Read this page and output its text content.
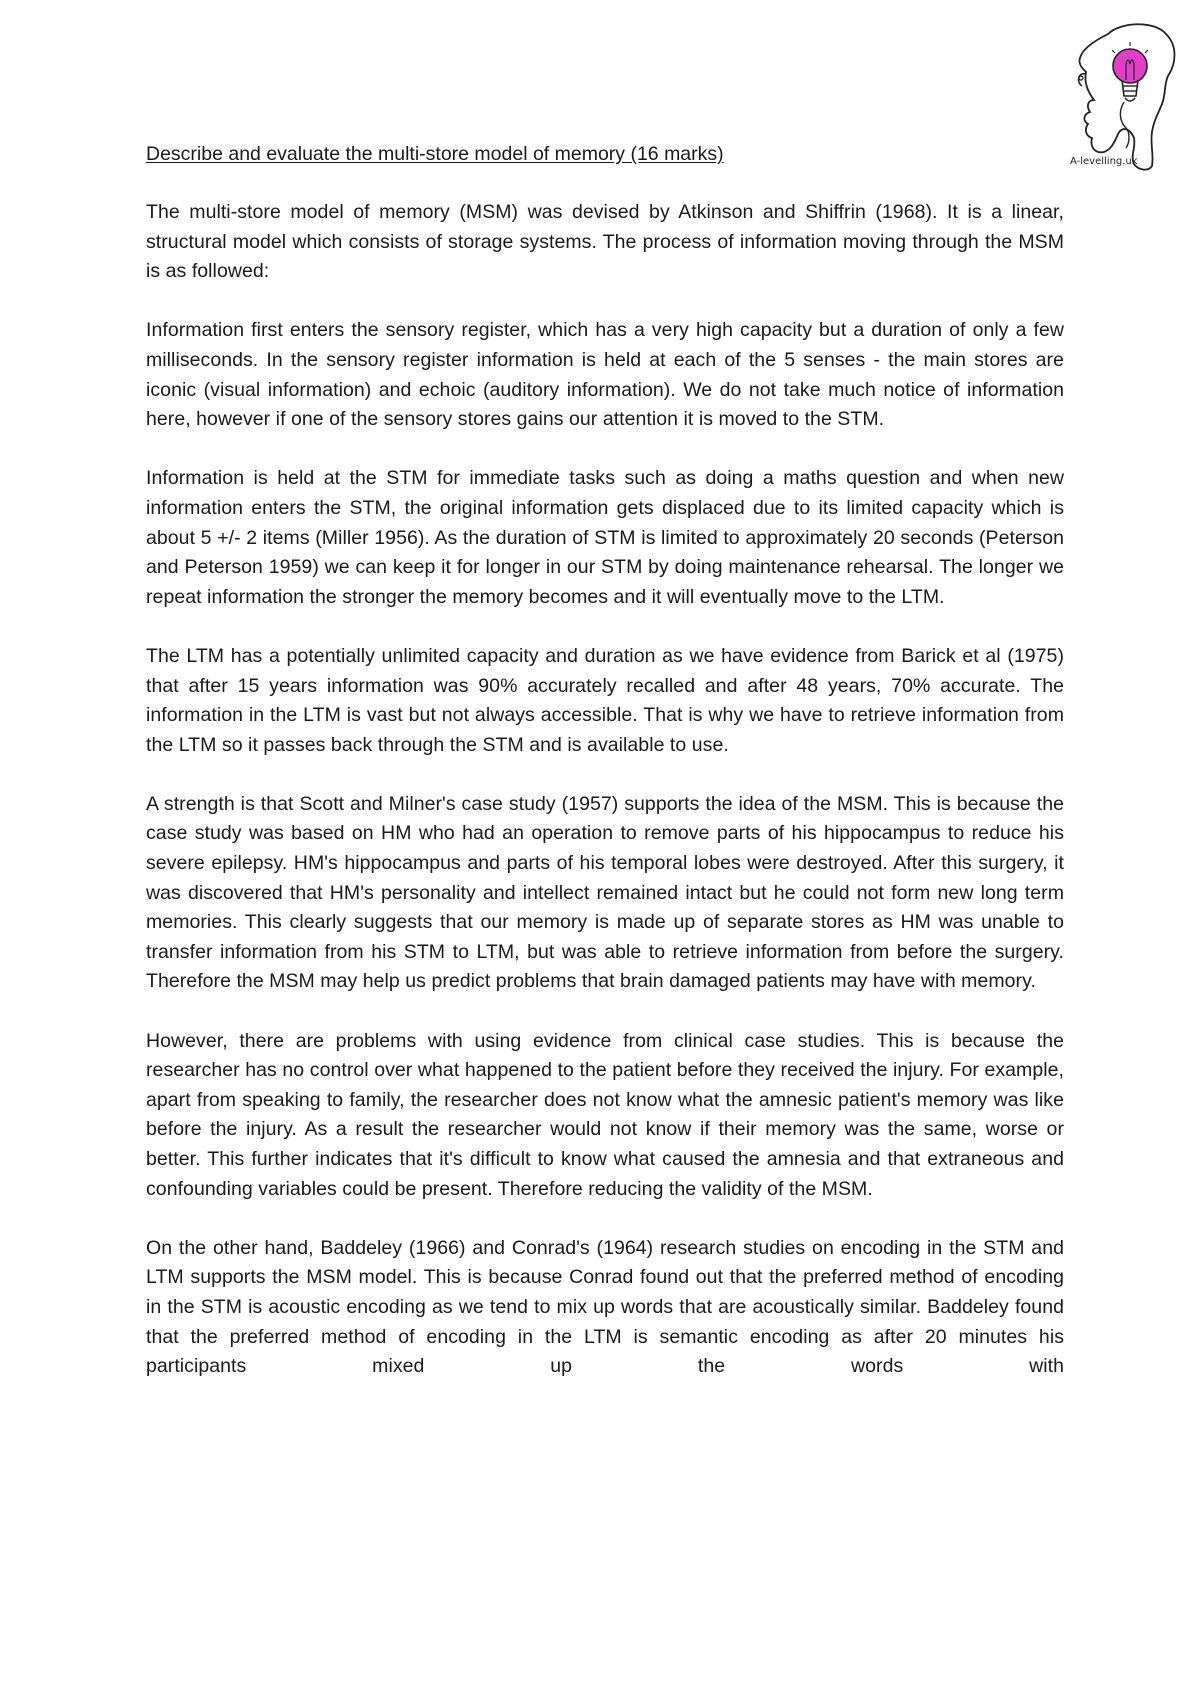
A-levelling.uk
Describe and evaluate the multi-store model of memory (16 marks)

The multi-store model of memory (MSM) was devised by Atkinson and Shiffrin (1968). It is a linear, structural model which consists of storage systems. The process of information moving through the MSM is as followed:

Information first enters the sensory register, which has a very high capacity but a duration of only a few milliseconds. In the sensory register information is held at each of the 5 senses - the main stores are iconic (visual information) and echoic (auditory information). We do not take much notice of information here, however if one of the sensory stores gains our attention it is moved to the STM.

Information is held at the STM for immediate tasks such as doing a maths question and when new information enters the STM, the original information gets displaced due to its limited capacity which is about 5 +/- 2 items (Miller 1956). As the duration of STM is limited to approximately 20 seconds (Peterson and Peterson 1959) we can keep it for longer in our STM by doing maintenance rehearsal. The longer we repeat information the stronger the memory becomes and it will eventually move to the LTM.

The LTM has a potentially unlimited capacity and duration as we have evidence from Barick et al (1975) that after 15 years information was 90% accurately recalled and after 48 years, 70% accurate. The information in the LTM is vast but not always accessible. That is why we have to retrieve information from the LTM so it passes back through the STM and is available to use.

A strength is that Scott and Milner's case study (1957) supports the idea of the MSM. This is because the case study was based on HM who had an operation to remove parts of his hippocampus to reduce his severe epilepsy. HM's hippocampus and parts of his temporal lobes were destroyed. After this surgery, it was discovered that HM's personality and intellect remained intact but he could not form new long term memories. This clearly suggests that our memory is made up of separate stores as HM was unable to transfer information from his STM to LTM, but was able to retrieve information from before the surgery. Therefore the MSM may help us predict problems that brain damaged patients may have with memory.

However, there are problems with using evidence from clinical case studies. This is because the researcher has no control over what happened to the patient before they received the injury. For example, apart from speaking to family, the researcher does not know what the amnesic patient's memory was like before the injury. As a result the researcher would not know if their memory was the same, worse or better. This further indicates that it's difficult to know what caused the amnesia and that extraneous and confounding variables could be present. Therefore reducing the validity of the MSM.

On the other hand, Baddeley (1966) and Conrad's (1964) research studies on encoding in the STM and LTM supports the MSM model. This is because Conrad found out that the preferred method of encoding in the STM is acoustic encoding as we tend to mix up words that are acoustically similar. Baddeley found that the preferred method of encoding in the LTM is semantic encoding as after 20 minutes his participants mixed up the words with
